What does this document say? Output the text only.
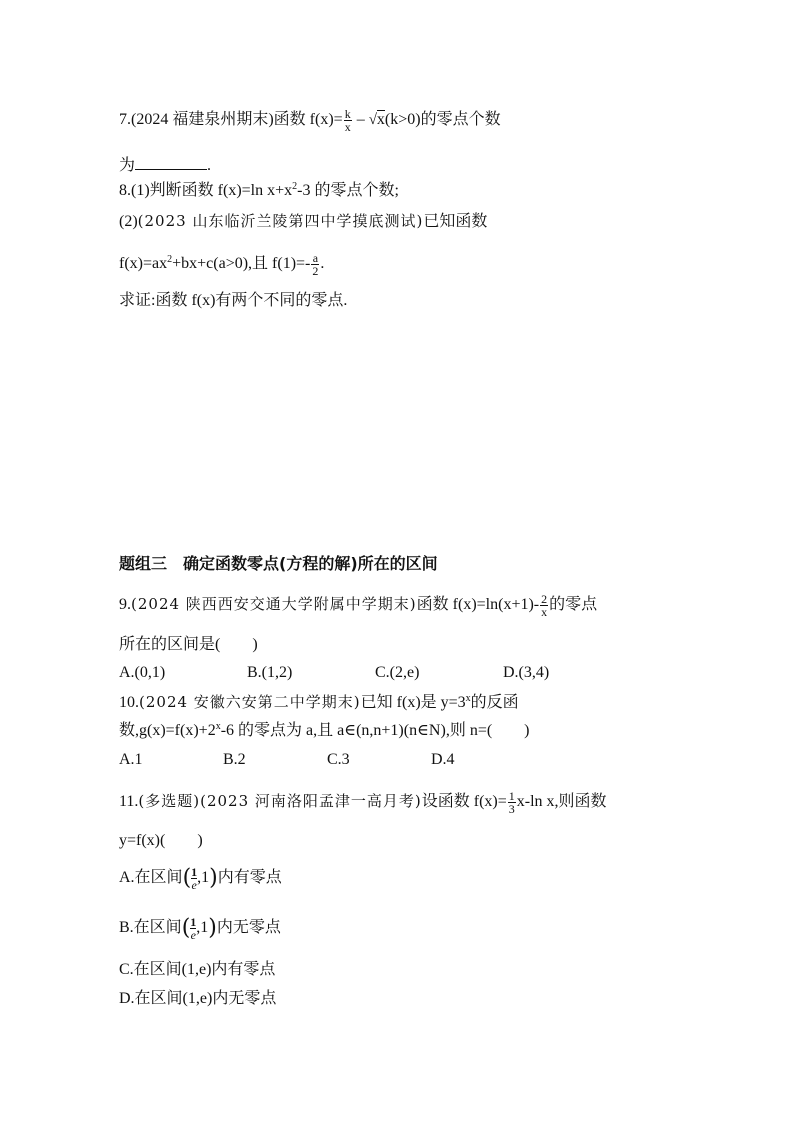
7.(2024 福建泉州期末)函数 $f(x)= \frac{k}{x} - √x(k>0)$的零点个数
为	.
8.(1)判断函数 f(x)=ln $x+x^2-3$ 的零点个数;
(2)(2023 山东临沂兰陵第四中学摸底测试)已知函数
$f(x)=ax^2+bx+c(a>0)$,且 $f(1)=- \frac{a}{2}$ .
求证:函数 f(x)有两个不同的零点.
题组三　确定函数零点(方程的解)所在的区间
9.(2024 陕西西安交通大学附属中学期末)函数 $f(x)=\ln(x+1)- \frac{2}{x}$ 的零点
所在的区间是(　　)
A.(0,1)	B.(1,2)	C.(2,e)	D.(3,4)
10.(2024 安徽六安第二中学期末)已知 f(x)是 $y=3^x$的反函
数$,g(x)=f(x)+2^x-6$ 的零点为 a,且 a∈(n,n+1)(n∈N),则 n=(　　)
A.1	B.2	C.3	D.4
11.(多选题)(2023 河南洛阳孟津一高月考)设函数 $f(x)= \frac{1}{3} x-\ln$ x,则函数
y=f(x)(　　)
A.在区间( $\frac{1}{e} ,1$)内有零点
B.在区间( $\frac{1}{e} ,1$)内无零点
C.在区间(1,e)内有零点
D.在区间(1,e)内无零点
